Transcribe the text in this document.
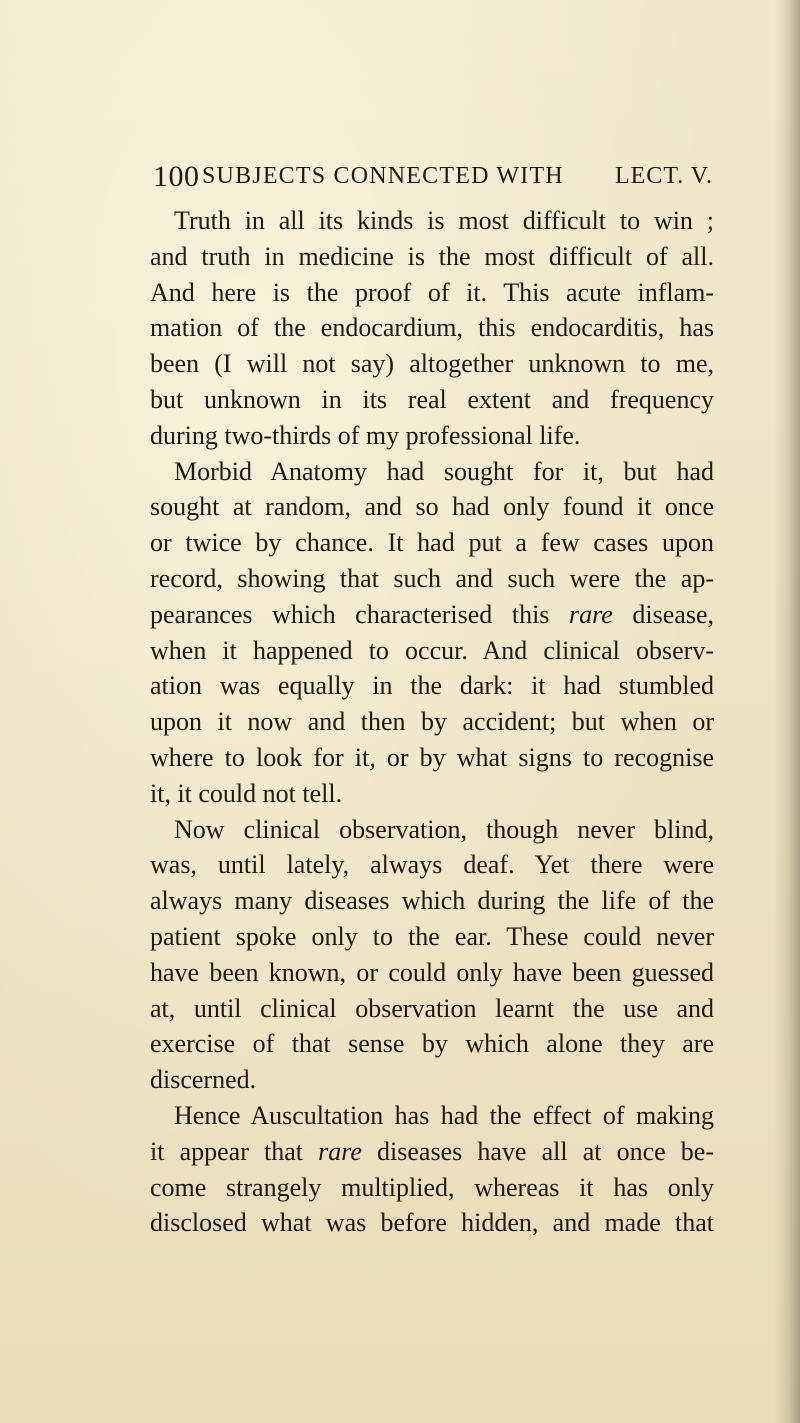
100 SUBJECTS CONNECTED WITH LECT. V.
Truth in all its kinds is most difficult to win ;
and truth in medicine is the most difficult of all.
And here is the proof of it. This acute inflam-
mation of the endocardium, this endocarditis, has
been (I will not say) altogether unknown to me,
but unknown in its real extent and frequency
during two-thirds of my professional life.
Morbid Anatomy had sought for it, but had
sought at random, and so had only found it once
or twice by chance. It had put a few cases upon
record, showing that such and such were the ap-
pearances which characterised this rare disease,
when it happened to occur. And clinical observ-
ation was equally in the dark: it had stumbled
upon it now and then by accident; but when or
where to look for it, or by what signs to recognise
it, it could not tell.
Now clinical observation, though never blind,
was, until lately, always deaf. Yet there were
always many diseases which during the life of the
patient spoke only to the ear. These could never
have been known, or could only have been guessed
at, until clinical observation learnt the use and
exercise of that sense by which alone they are
discerned.
Hence Auscultation has had the effect of making
it appear that rare diseases have all at once be-
come strangely multiplied, whereas it has only
disclosed what was before hidden, and made that
